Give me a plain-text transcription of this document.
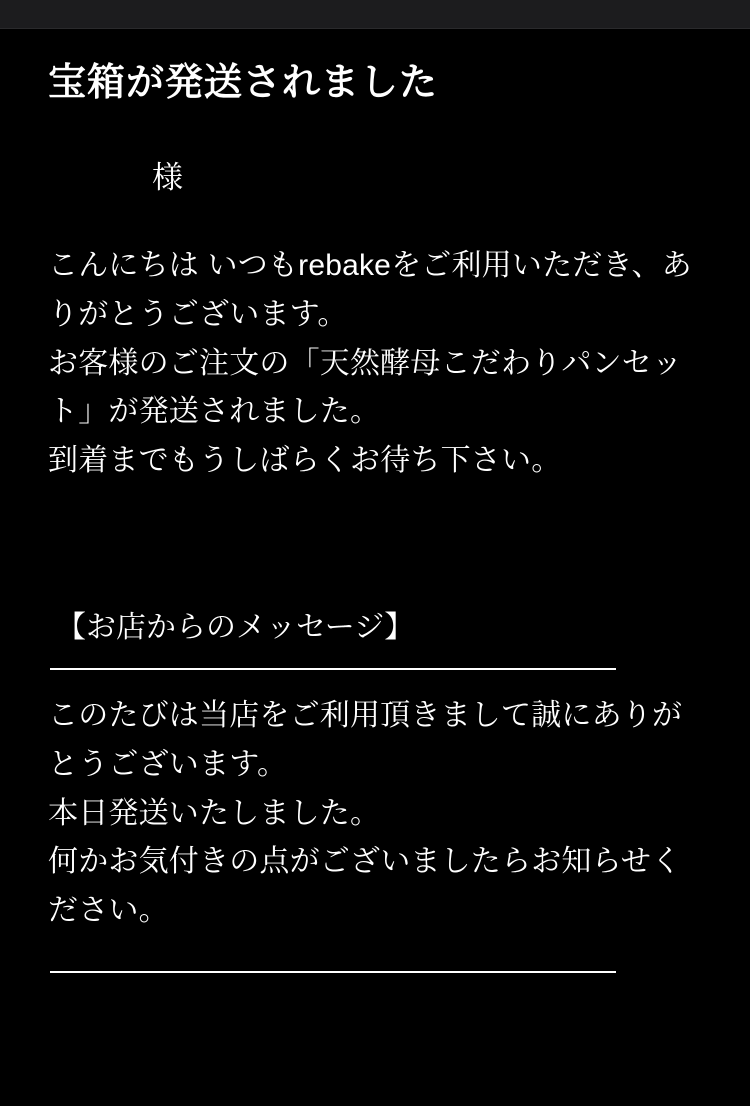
宝箱が発送されました
様

こんにちは いつもrebakeをご利用いただき、ありがとうございます。

お客様のご注文の「天然酵母こだわりパンセット」が発送されました。

到着までもうしばらくお待ち下さい。

【お店からのメッセージ】

このたびは当店をご利用頂きまして誠にありがとうございます。

本日発送いたしました。

何かお気付きの点がございましたらお知らせください。
